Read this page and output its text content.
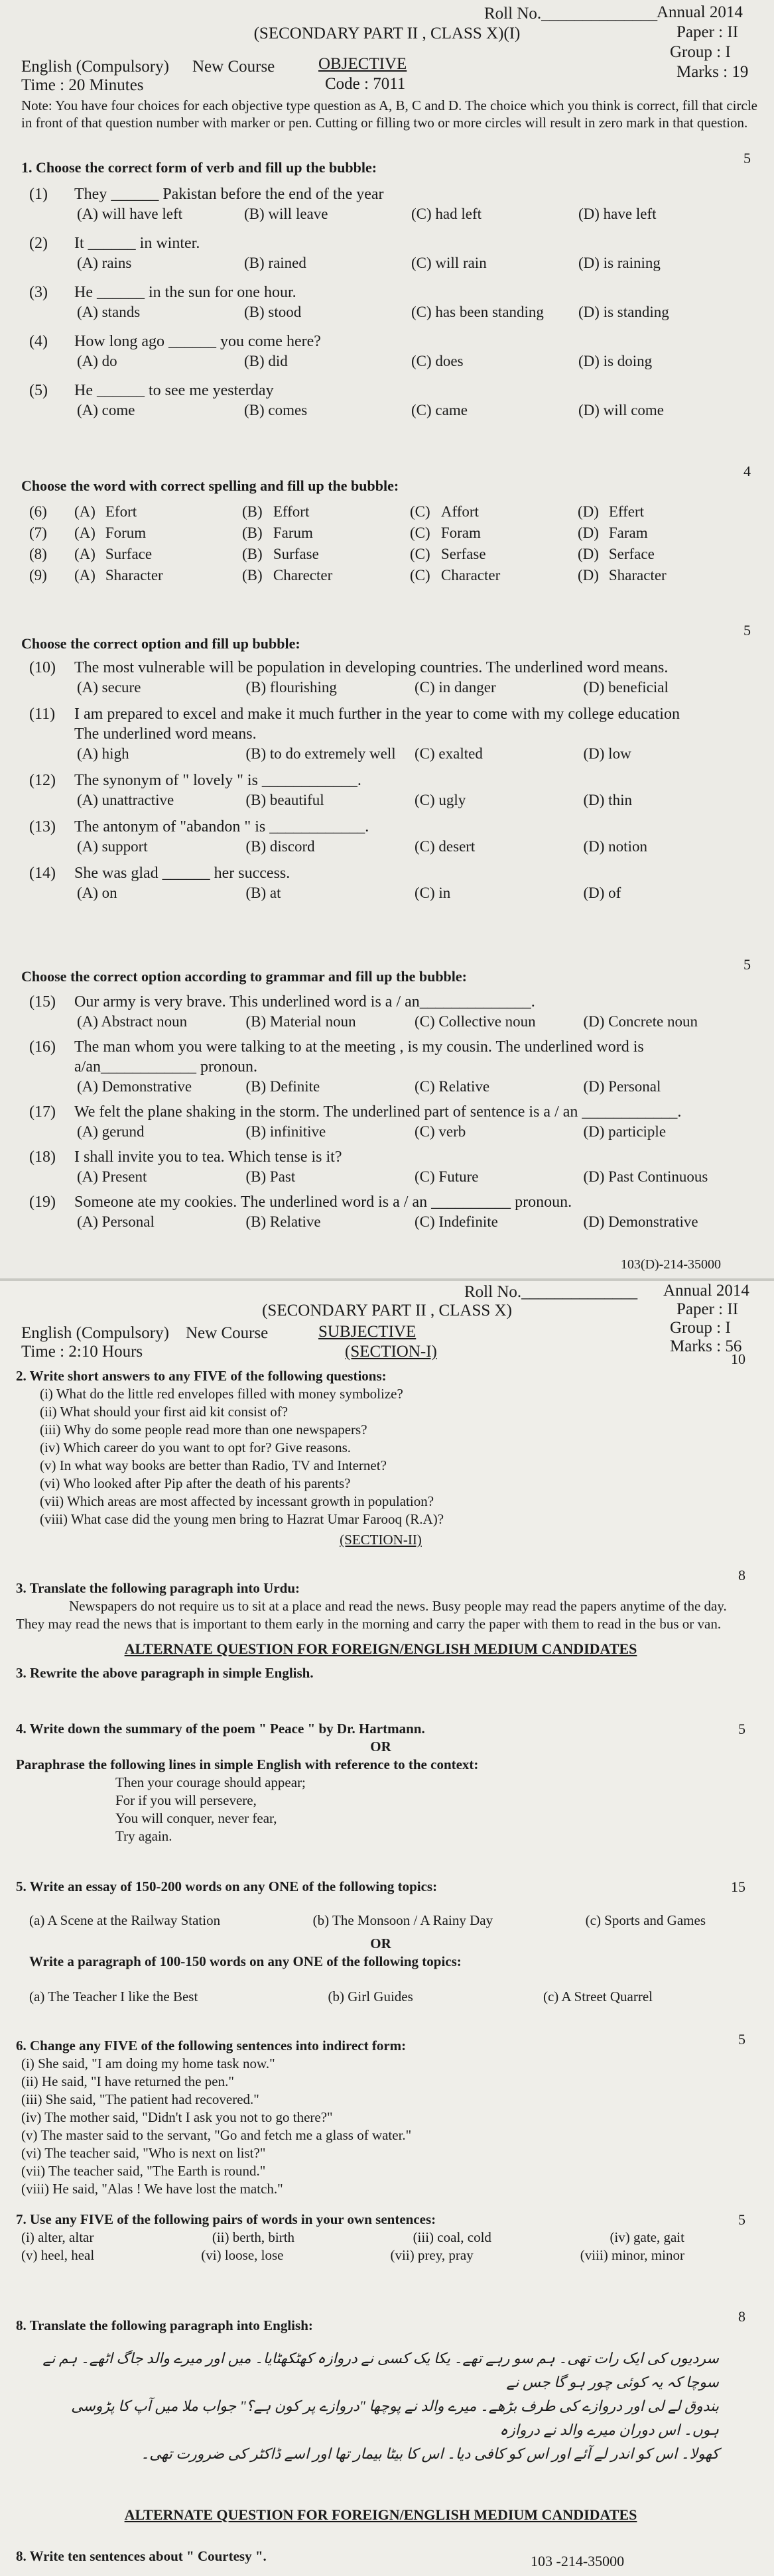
Roll No.______________
Annual 2014
(SECONDARY PART II , CLASS X)(I)	Paper : II
Group : I
English (Compulsory) New Course	OBJECTIVE	Marks : 19
Time : 20 Minutes	Code : 7011
Note: You have four choices for each objective type question as A, B, C and D. The choice which you think is correct, fill that circle in front of that question number with marker or pen. Cutting or filling two or more circles will result in zero mark in that question.
1. Choose the correct form of verb and fill up the bubble:
5
(1)	They ______ Pakistan before the end of the year
(A) will have left	(B) will leave	(C) had left	(D) have left
(2)	It ______ in winter.
(A) rains	(B) rained	(C) will rain	(D) is raining
(3)	He ______ in the sun for one hour.
(A) stands	(B) stood	(C) has been standing	(D) is standing
(4)	How long ago ______ you come here?
(A) do	(B) did	(C) does	(D) is doing
(5)	He ______ to see me yesterday
(A) come	(B) comes	(C) came	(D) will come
Choose the word with correct spelling and fill up the bubble:
4
(6)	(A) Efort	(B) Effort	(C) Affort	(D) Effert
(7)	(A) Forum	(B) Farum	(C) Foram	(D) Faram
(8)	(A) Surface	(B) Surfase	(C) Serfase	(D) Serface
(9)	(A) Sharacter	(B) Charecter	(C) Character	(D) Sharacter
Choose the correct option and fill up bubble:
5
(10)	The most vulnerable will be population in developing countries. The underlined word means.
(A) secure	(B) flourishing	(C) in danger	(D) beneficial
(11)	I am prepared to excel and make it much further in the year to come with my college education
The underlined word means.
(A) high	(B) to do extremely well	(C) exalted	(D) low
(12)	The synonym of " lovely " is ____________.
(A) unattractive	(B) beautiful	(C) ugly	(D) thin
(13)	The antonym of "abandon " is ____________.
(A) support	(B) discord	(C) desert	(D) notion
(14)	She was glad ______ her success.
(A) on	(B) at	(C) in	(D) of
Choose the correct option according to grammar and fill up the bubble:
5
(15)	Our army is very brave. This underlined word is a / an______________.
(A) Abstract noun	(B) Material noun	(C) Collective noun	(D) Concrete noun
(16)	The man whom you were talking to at the meeting , is my cousin. The underlined word is
a/an____________ pronoun.
(A) Demonstrative	(B) Definite	(C) Relative	(D) Personal
(17)	We felt the plane shaking in the storm. The underlined part of sentence is a / an ____________.
(A) gerund	(B) infinitive	(C) verb	(D) participle
(18)	I shall invite you to tea. Which tense is it?
(A) Present	(B) Past	(C) Future	(D) Past Continuous
(19)	Someone ate my cookies. The underlined word is a / an __________ pronoun.
(A) Personal	(B) Relative	(C) Indefinite	(D) Demonstrative
103(D)-214-35000
Roll No.______________ Annual 2014
(SECONDARY PART II , CLASS X)	Paper : II
Group : I
English (Compulsory) New Course	SUBJECTIVE
Marks : 56
Time : 2:10 Hours	(SECTION-I)
2. Write short answers to any FIVE of the following questions:
10
(i) What do the little red envelopes filled with money symbolize?
(ii) What should your first aid kit consist of?
(iii) Why do some people read more than one newspapers?
(iv) Which career do you want to opt for? Give reasons.
(v) In what way books are better than Radio, TV and Internet?
(vi) Who looked after Pip after the death of his parents?
(vii) Which areas are most affected by incessant growth in population?
(viii) What case did the young men bring to Hazrat Umar Farooq (R.A)?
(SECTION-II)
3. Translate the following paragraph into Urdu:
8
Newspapers do not require us to sit at a place and read the news. Busy people may read the papers anytime of the day. They may read the news that is important to them early in the morning and carry the paper with them to read in the bus or van.
ALTERNATE QUESTION FOR FOREIGN/ENGLISH MEDIUM CANDIDATES
3. Rewrite the above paragraph in simple English.
4. Write down the summary of the poem " Peace " by Dr. Hartmann.	5
OR
Paraphrase the following lines in simple English with reference to the context:
Then your courage should appear;
For if you will persevere,
You will conquer, never fear,
Try again.
5. Write an essay of 150-200 words on any ONE of the following topics:	15
(a) A Scene at the Railway Station	(b) The Monsoon / A Rainy Day	(c) Sports and Games
OR
Write a paragraph of 100-150 words on any ONE of the following topics:
(a) The Teacher I like the Best	(b) Girl Guides	(c) A Street Quarrel
6. Change any FIVE of the following sentences into indirect form:	5
(i) She said, "I am doing my home task now."
(ii) He said, "I have returned the pen."
(iii) She said, "The patient had recovered."
(iv) The mother said, "Didn't I ask you not to go there?"
(v) The master said to the servant, "Go and fetch me a glass of water."
(vi) The teacher said, "Who is next on list?"
(vii) The teacher said, "The Earth is round."
(viii) He said, "Alas ! We have lost the match."
7. Use any FIVE of the following pairs of words in your own sentences:	5
(i) alter, altar	(ii) berth, birth	(iii) coal, cold	(iv) gate, gait
(v) heel, heal	(vi) loose, lose	(vii) prey, pray	(viii) minor, minor
8. Translate the following paragraph into English:
8
سردیوں کی ایک رات تھی۔ ہم سو رہے تھے۔ یکا یک کسی نے دروازہ کھٹکھٹایا۔ میں اور میرے والد جاگ اٹھے۔ ہم نے سوچا کہ یہ کوئی چور ہو گا جس نے
بندوق لے لی اور دروازے کی طرف بڑھے۔ میرے والد نے پوچھا "دروازے پر کون ہے؟" جواب ملا میں آپ کا پڑوسی ہوں۔ اس دوران میرے والد نے دروازہ
کھولا۔ اس کو اندر لے آئے اور اس کو کافی دیا۔ اس کا بیٹا بیمار تھا اور اسے ڈاکٹر کی ضرورت تھی۔
ALTERNATE QUESTION FOR FOREIGN/ENGLISH MEDIUM CANDIDATES
8. Write ten sentences about " Courtesy ".	103 -214-35000
